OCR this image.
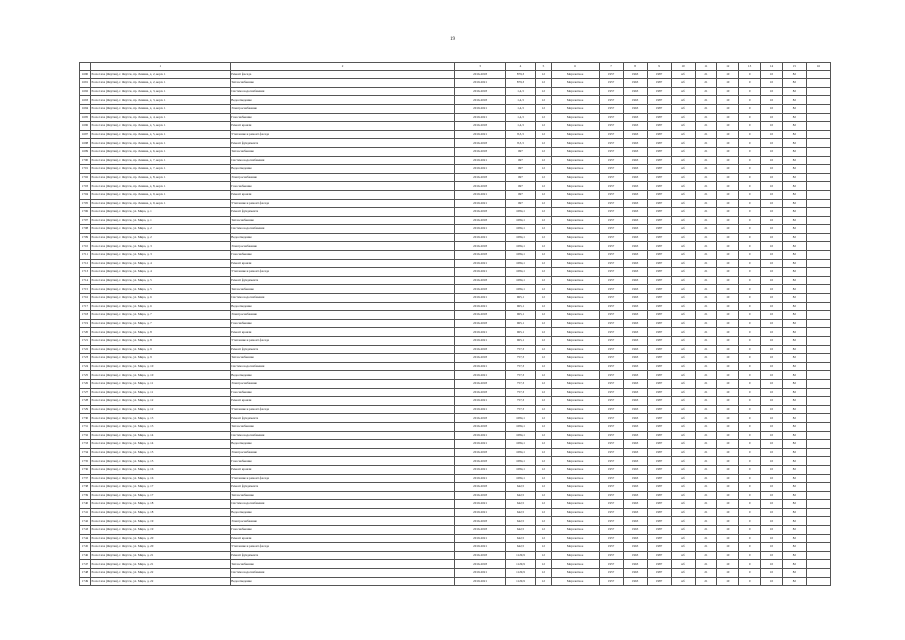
19
	1	2	3	4	5	6	7	8	9	10	11	12	13	14	15	16
1690	Роск.Саха (Якутия), г. Якутск, пр. Ленина, д. 2, корп. 1	Ремонт фасада	2016-2018	879,3	12	Мерзлотное	1957	1963	1987	нб	21	10	0	10	82	
1691	Роск.Саха (Якутия), г. Якутск, пр. Ленина, д. 2, корп. 1	Теплоснабжение	2019-2021	879,3	12	Мерзлотное	1957	1963	1987	нб	21	10	0	10	82	
1692	Роск.Саха (Якутия), г. Якутск, пр. Ленина, д. 3, корп. 1	Система водоснабжения	2016-2018	1,4,3	12	Мерзлотное	1957	1963	1987	нб	21	10	0	10	82	
1693	Роск.Саха (Якутия), г. Якутск, пр. Ленина, д. 3, корп. 1	Водоотведение	2016-2018	1,4,3	12	Мерзлотное	1957	1963	1987	нб	21	10	0	10	82	
1694	Роск.Саха (Якутия), г. Якутск, пр. Ленина, д. 4, корп. 1	Электроснабжение	2019-2021	1,4,3	12	Мерзлотное	1957	1963	1987	нб	21	10	0	10	82	
1695	Роск.Саха (Якутия), г. Якутск, пр. Ленина, д. 4, корп. 1	Газоснабжение	2019-2021	1,4,3	12	Мерзлотное	1957	1963	1987	нб	21	10	0	10	82	
1696	Роск.Саха (Якутия), г. Якутск, пр. Ленина, д. 5, корп. 1	Ремонт кровли	2016-2018	1,4,3	12	Мерзлотное	1957	1963	1987	нб	21	10	0	10	82	
1697	Роск.Саха (Якутия), г. Якутск, пр. Ленина, д. 5, корп. 1	Утепление и ремонт фасада	2019-2021	8,3,3	12	Мерзлотное	1957	1963	1987	нб	21	10	0	10	82	
1698	Роск.Саха (Якутия), г. Якутск, пр. Ленина, д. 6, корп. 1	Ремонт фундамента	2016-2018	8,3,3	12	Мерзлотное	1957	1963	1987	нб	21	10	0	10	82	
1699	Роск.Саха (Якутия), г. Якутск, пр. Ленина, д. 6, корп. 1	Теплоснабжение	2016-2018	697	12	Мерзлотное	1957	1963	1987	нб	21	10	0	10	82	
1700	Роск.Саха (Якутия), г. Якутск, пр. Ленина, д. 7, корп. 1	Система водоснабжения	2019-2021	697	12	Мерзлотное	1957	1963	1987	нб	21	10	0	10	82	
1701	Роск.Саха (Якутия), г. Якутск, пр. Ленина, д. 7, корп. 1	Водоотведение	2019-2021	697	12	Мерзлотное	1957	1963	1987	нб	21	10	0	10	82	
1702	Роск.Саха (Якутия), г. Якутск, пр. Ленина, д. 8, корп. 1	Электроснабжение	2016-2018	697	12	Мерзлотное	1957	1963	1987	нб	21	10	0	10	82	
1703	Роск.Саха (Якутия), г. Якутск, пр. Ленина, д. 8, корп. 1	Газоснабжение	2016-2018	697	12	Мерзлотное	1957	1963	1987	нб	21	10	0	10	82	
1704	Роск.Саха (Якутия), г. Якутск, пр. Ленина, д. 9, корп. 1	Ремонт кровли	2019-2021	697	12	Мерзлотное	1957	1963	1987	нб	21	10	0	10	82	
1705	Роск.Саха (Якутия), г. Якутск, пр. Ленина, д. 9, корп. 1	Утепление и ремонт фасада	2019-2021	697	12	Мерзлотное	1957	1963	1987	нб	21	10	0	10	82	
1706	Роск.Саха (Якутия), г. Якутск, ул. Мира, д. 1	Ремонт фундамента	2016-2018	1084,1	12	Мерзлотное	1957	1963	1987	нб	21	10	0	10	82	
1707	Роск.Саха (Якутия), г. Якутск, ул. Мира, д. 1	Теплоснабжение	2016-2018	1084,1	12	Мерзлотное	1957	1963	1987	нб	21	10	0	10	82	
1708	Роск.Саха (Якутия), г. Якутск, ул. Мира, д. 2	Система водоснабжения	2019-2021	1084,1	12	Мерзлотное	1957	1963	1987	нб	21	10	0	10	82	
1709	Роск.Саха (Якутия), г. Якутск, ул. Мира, д. 2	Водоотведение	2019-2021	1084,1	12	Мерзлотное	1957	1963	1987	нб	21	10	0	10	82	
1710	Роск.Саха (Якутия), г. Якутск, ул. Мира, д. 3	Электроснабжение	2016-2018	1084,1	12	Мерзлотное	1957	1963	1987	нб	21	10	0	10	82	
1711	Роск.Саха (Якутия), г. Якутск, ул. Мира, д. 3	Газоснабжение	2016-2018	1084,1	12	Мерзлотное	1957	1963	1987	нб	21	10	0	10	82	
1712	Роск.Саха (Якутия), г. Якутск, ул. Мира, д. 4	Ремонт кровли	2019-2021	1084,1	12	Мерзлотное	1957	1963	1987	нб	21	10	0	10	82	
1713	Роск.Саха (Якутия), г. Якутск, ул. Мира, д. 4	Утепление и ремонт фасада	2019-2021	1084,1	12	Мерзлотное	1957	1963	1987	нб	21	10	0	10	82	
1714	Роск.Саха (Якутия), г. Якутск, ул. Мира, д. 5	Ремонт фундамента	2016-2018	1084,1	12	Мерзлотное	1957	1963	1987	нб	21	10	0	10	82	
1715	Роск.Саха (Якутия), г. Якутск, ул. Мира, д. 5	Теплоснабжение	2016-2018	1084,1	12	Мерзлотное	1957	1963	1987	нб	21	10	0	10	82	
1716	Роск.Саха (Якутия), г. Якутск, ул. Мира, д. 6	Система водоснабжения	2019-2021	965,1	12	Мерзлотное	1957	1963	1987	нб	21	10	0	10	82	
1717	Роск.Саха (Якутия), г. Якутск, ул. Мира, д. 6	Водоотведение	2019-2021	965,1	12	Мерзлотное	1957	1963	1987	нб	21	10	0	10	82	
1718	Роск.Саха (Якутия), г. Якутск, ул. Мира, д. 7	Электроснабжение	2016-2018	965,1	12	Мерзлотное	1957	1963	1987	нб	21	10	0	10	82	
1719	Роск.Саха (Якутия), г. Якутск, ул. Мира, д. 7	Газоснабжение	2016-2018	965,1	12	Мерзлотное	1957	1963	1987	нб	21	10	0	10	82	
1720	Роск.Саха (Якутия), г. Якутск, ул. Мира, д. 8	Ремонт кровли	2019-2021	965,1	12	Мерзлотное	1957	1963	1987	нб	21	10	0	10	82	
1721	Роск.Саха (Якутия), г. Якутск, ул. Мира, д. 8	Утепление и ремонт фасада	2019-2021	965,1	12	Мерзлотное	1957	1963	1987	нб	21	10	0	10	82	
1722	Роск.Саха (Якутия), г. Якутск, ул. Мира, д. 9	Ремонт фундамента	2016-2018	757,3	12	Мерзлотное	1957	1963	1987	нб	21	10	0	10	82	
1723	Роск.Саха (Якутия), г. Якутск, ул. Мира, д. 9	Теплоснабжение	2016-2018	757,3	12	Мерзлотное	1957	1963	1987	нб	21	10	0	10	82	
1724	Роск.Саха (Якутия), г. Якутск, ул. Мира, д. 10	Система водоснабжения	2019-2021	757,3	12	Мерзлотное	1957	1963	1987	нб	21	10	0	10	82	
1725	Роск.Саха (Якутия), г. Якутск, ул. Мира, д. 10	Водоотведение	2019-2021	757,3	12	Мерзлотное	1957	1963	1987	нб	21	10	0	10	82	
1726	Роск.Саха (Якутия), г. Якутск, ул. Мира, д. 11	Электроснабжение	2016-2018	757,3	12	Мерзлотное	1957	1963	1987	нб	21	10	0	10	82	
1727	Роск.Саха (Якутия), г. Якутск, ул. Мира, д. 11	Газоснабжение	2016-2018	757,3	12	Мерзлотное	1957	1963	1987	нб	21	10	0	10	82	
1728	Роск.Саха (Якутия), г. Якутск, ул. Мира, д. 12	Ремонт кровли	2019-2021	757,3	12	Мерзлотное	1957	1963	1987	нб	21	10	0	10	82	
1729	Роск.Саха (Якутия), г. Якутск, ул. Мира, д. 12	Утепление и ремонт фасада	2019-2021	757,3	12	Мерзлотное	1957	1963	1987	нб	21	10	0	10	82	
1730	Роск.Саха (Якутия), г. Якутск, ул. Мира, д. 13	Ремонт фундамента	2016-2018	1084,1	12	Мерзлотное	1957	1963	1987	нб	21	10	0	10	82	
1731	Роск.Саха (Якутия), г. Якутск, ул. Мира, д. 13	Теплоснабжение	2016-2018	1084,1	12	Мерзлотное	1957	1963	1987	нб	21	10	0	10	82	
1732	Роск.Саха (Якутия), г. Якутск, ул. Мира, д. 14	Система водоснабжения	2019-2021	1084,1	12	Мерзлотное	1957	1963	1987	нб	21	10	0	10	82	
1733	Роск.Саха (Якутия), г. Якутск, ул. Мира, д. 14	Водоотведение	2019-2021	1084,1	12	Мерзлотное	1957	1963	1987	нб	21	10	0	10	82	
1734	Роск.Саха (Якутия), г. Якутск, ул. Мира, д. 15	Электроснабжение	2016-2018	1084,1	12	Мерзлотное	1957	1963	1987	нб	21	10	0	10	82	
1735	Роск.Саха (Якутия), г. Якутск, ул. Мира, д. 15	Газоснабжение	2016-2018	1084,1	12	Мерзлотное	1957	1963	1987	нб	21	10	0	10	82	
1736	Роск.Саха (Якутия), г. Якутск, ул. Мира, д. 16	Ремонт кровли	2019-2021	1084,1	12	Мерзлотное	1957	1963	1987	нб	21	10	0	10	82	
1737	Роск.Саха (Якутия), г. Якутск, ул. Мира, д. 16	Утепление и ремонт фасада	2019-2021	1084,1	12	Мерзлотное	1957	1963	1987	нб	21	10	0	10	82	
1738	Роск.Саха (Якутия), г. Якутск, ул. Мира, д. 17	Ремонт фундамента	2016-2018	642,5	12	Мерзлотное	1957	1963	1987	нб	21	10	0	10	82	
1739	Роск.Саха (Якутия), г. Якутск, ул. Мира, д. 17	Теплоснабжение	2016-2018	642,5	12	Мерзлотное	1957	1963	1987	нб	21	10	0	10	82	
1740	Роск.Саха (Якутия), г. Якутск, ул. Мира, д. 18	Система водоснабжения	2019-2021	642,5	12	Мерзлотное	1957	1963	1987	нб	21	10	0	10	82	
1741	Роск.Саха (Якутия), г. Якутск, ул. Мира, д. 18	Водоотведение	2019-2021	642,5	12	Мерзлотное	1957	1963	1987	нб	21	10	0	10	82	
1742	Роск.Саха (Якутия), г. Якутск, ул. Мира, д. 19	Электроснабжение	2016-2018	642,5	12	Мерзлотное	1957	1963	1987	нб	21	10	0	10	82	
1743	Роск.Саха (Якутия), г. Якутск, ул. Мира, д. 19	Газоснабжение	2016-2018	642,5	12	Мерзлотное	1957	1963	1987	нб	21	10	0	10	82	
1744	Роск.Саха (Якутия), г. Якутск, ул. Мира, д. 20	Ремонт кровли	2019-2021	642,5	12	Мерзлотное	1957	1963	1987	нб	21	10	0	10	82	
1745	Роск.Саха (Якутия), г. Якутск, ул. Мира, д. 20	Утепление и ремонт фасада	2019-2021	642,5	12	Мерзлотное	1957	1963	1987	нб	21	10	0	10	82	
1746	Роск.Саха (Якутия), г. Якутск, ул. Мира, д. 21	Ремонт фундамента	2016-2018	1129,9	12	Мерзлотное	1957	1963	1987	нб	21	10	0	10	82	
1747	Роск.Саха (Якутия), г. Якутск, ул. Мира, д. 21	Теплоснабжение	2016-2018	1129,9	12	Мерзлотное	1957	1963	1987	нб	21	10	0	10	82	
1748	Роск.Саха (Якутия), г. Якутск, ул. Мира, д. 22	Система водоснабжения	2019-2021	1129,9	12	Мерзлотное	1957	1963	1987	нб	21	10	0	10	82	
1749	Роск.Саха (Якутия), г. Якутск, ул. Мира, д. 22	Водоотведение	2019-2021	1129,9	12	Мерзлотное	1957	1963	1987	нб	21	10	0	10	82	
